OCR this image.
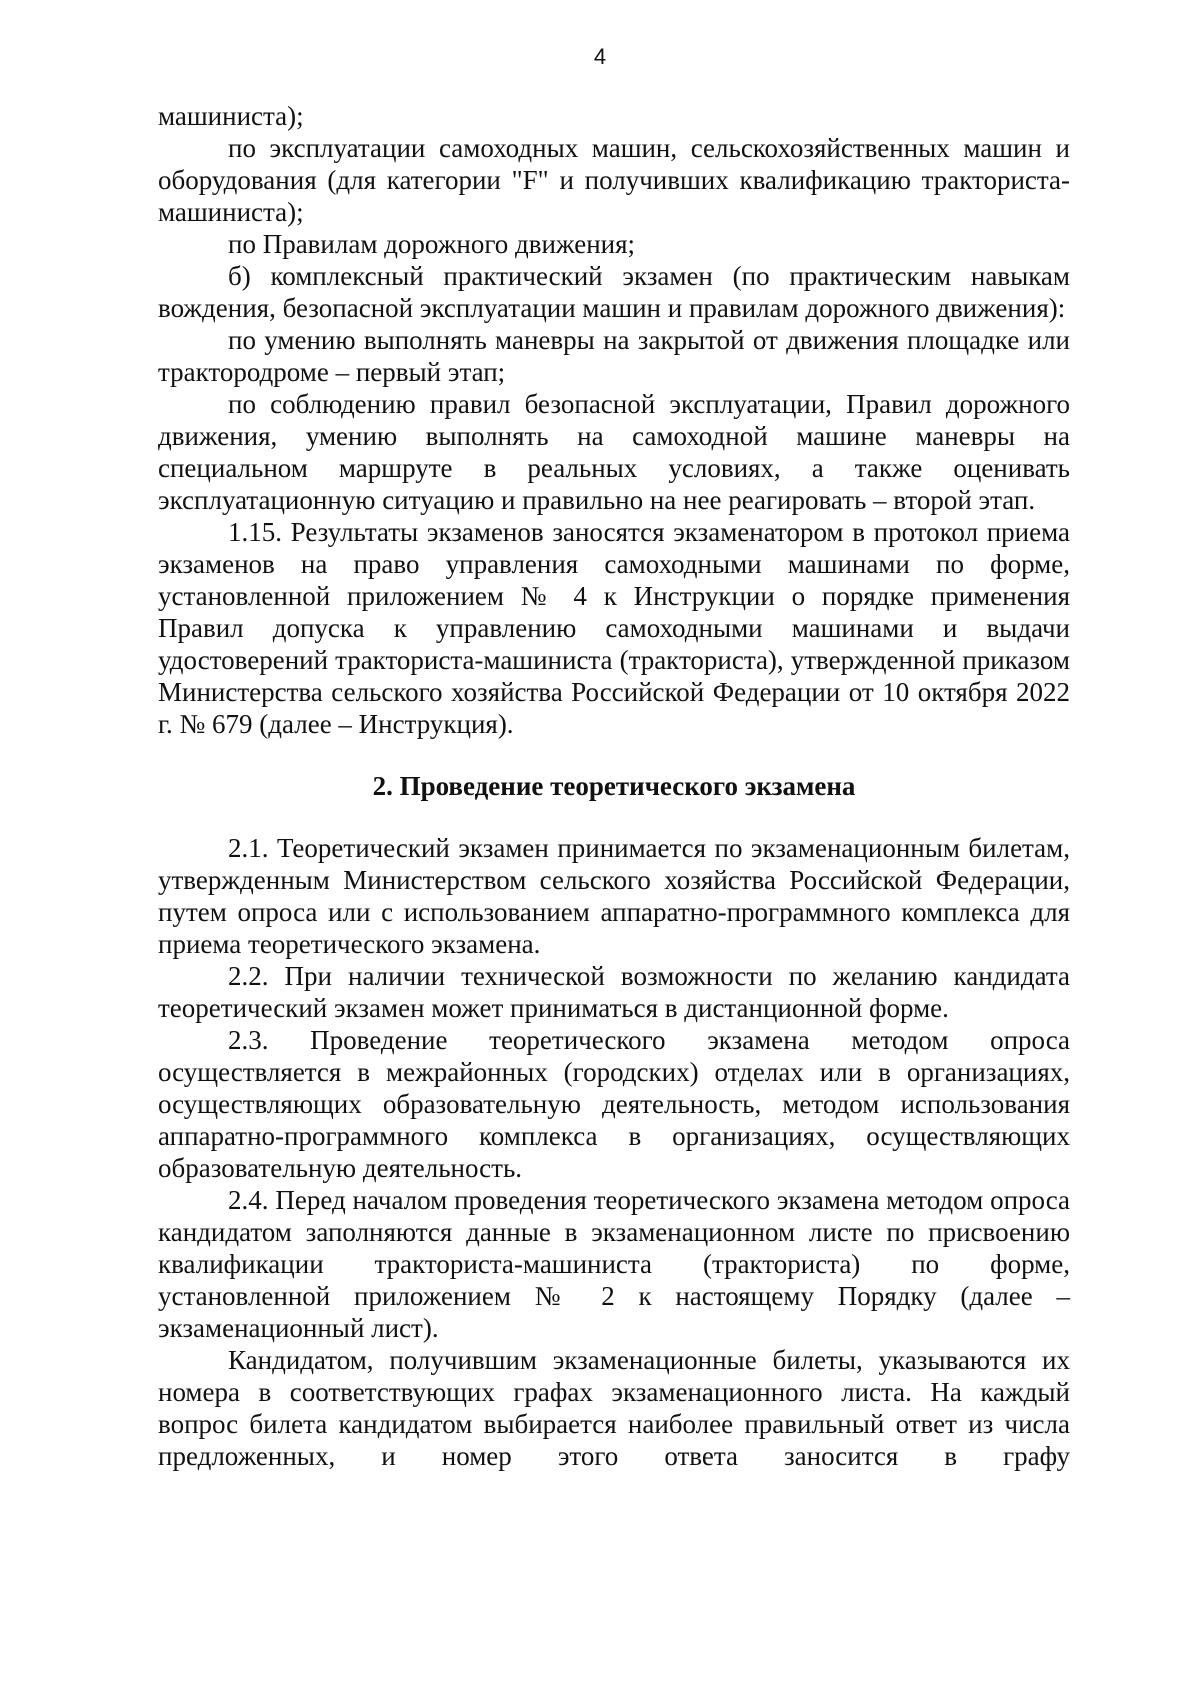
4

машиниста);

по эксплуатации самоходных машин, сельскохозяйственных машин и оборудования (для категории "F" и получивших квалификацию тракториста-машиниста);

по Правилам дорожного движения;

б) комплексный практический экзамен (по практическим навыкам вождения, безопасной эксплуатации машин и правилам дорожного движения):

по умению выполнять маневры на закрытой от движения площадке или трактородроме – первый этап;

по соблюдению правил безопасной эксплуатации, Правил дорожного движения, умению выполнять на самоходной машине маневры на специальном маршруте в реальных условиях, а также оценивать эксплуатационную ситуацию и правильно на нее реагировать – второй этап.

1.15. Результаты экзаменов заносятся экзаменатором в протокол приема экзаменов на право управления самоходными машинами по форме, установленной приложением № 4 к Инструкции о порядке применения Правил допуска к управлению самоходными машинами и выдачи удостоверений тракториста-машиниста (тракториста), утвержденной приказом Министерства сельского хозяйства Российской Федерации от 10 октября 2022 г. № 679 (далее – Инструкция).

2. Проведение теоретического экзамена

2.1. Теоретический экзамен принимается по экзаменационным билетам, утвержденным Министерством сельского хозяйства Российской Федерации, путем опроса или с использованием аппаратно-программного комплекса для приема теоретического экзамена.

2.2. При наличии технической возможности по желанию кандидата теоретический экзамен может приниматься в дистанционной форме.

2.3. Проведение теоретического экзамена методом опроса осуществляется в межрайонных (городских) отделах или в организациях, осуществляющих образовательную деятельность, методом использования аппаратно-программного комплекса в организациях, осуществляющих образовательную деятельность.

2.4. Перед началом проведения теоретического экзамена методом опроса кандидатом заполняются данные в экзаменационном листе по присвоению квалификации тракториста-машиниста (тракториста) по форме, установленной приложением № 2 к настоящему Порядку (далее – экзаменационный лист).

Кандидатом, получившим экзаменационные билеты, указываются их номера в соответствующих графах экзаменационного листа. На каждый вопрос билета кандидатом выбирается наиболее правильный ответ из числа предложенных, и номер этого ответа заносится в графу
